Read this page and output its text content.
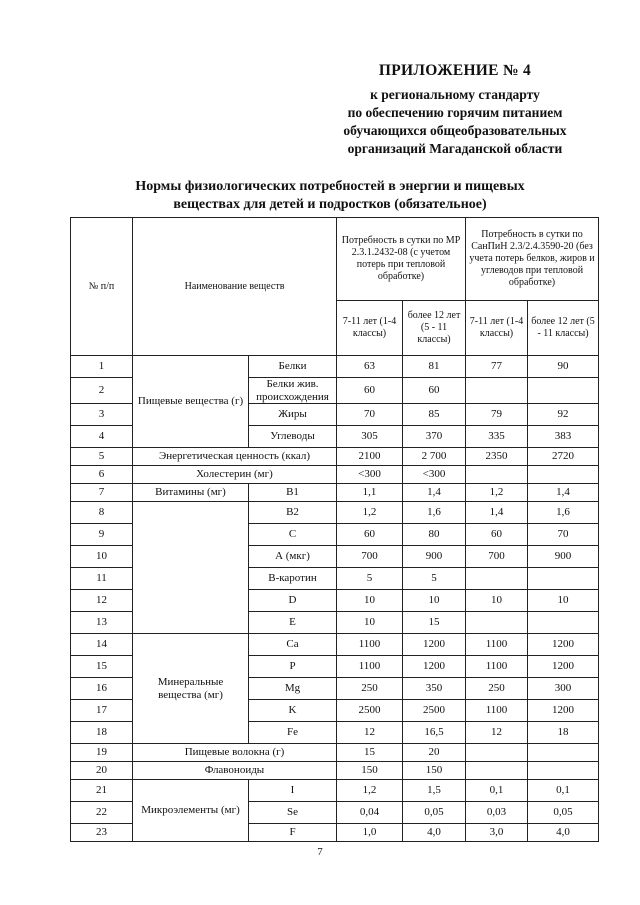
ПРИЛОЖЕНИЕ № 4
к региональному стандарту
по обеспечению горячим питанием
обучающихся общеобразовательных
организаций Магаданской области
Нормы физиологических потребностей в энергии и пищевых
веществах для детей и подростков (обязательное)
№ п/п	Наименование веществ		Потребность в сутки по МР 2.3.1.2432-08 (с учетом потерь при тепловой обработке)		Потребность в сутки по СанПиН 2.3/2.4.3590-20 (без учета потерь белков, жиров и углеводов при тепловой обработке)	
			7-11 лет (1-4 классы)	более 12 лет (5 - 11 классы)	7-11 лет (1-4 классы)	более 12 лет (5 - 11 классы)
1	Пищевые вещества (г)	Белки	63	81	77	90
2		Белки жив. происхождения	60	60		
3		Жиры	70	85	79	92
4		Углеводы	305	370	335	383
5	Энергетическая ценность (ккал)		2100	2 700	2350	2720
6	Холестерин (мг)		<300	<300		
7	Витамины (мг)	B1	1,1	1,4	1,2	1,4
8		B2	1,2	1,6	1,4	1,6
9		C	60	80	60	70
10		А (мкг)	700	900	700	900
11		B-каротин	5	5		
12		D	10	10	10	10
13		E	10	15		
14	Минеральные вещества (мг)	Ca	1100	1200	1100	1200
15		P	1100	1200	1100	1200
16		Mg	250	350	250	300
17		K	2500	2500	1100	1200
18		Fe	12	16,5	12	18
19	Пищевые волокна (г)		15	20		
20	Флавоноиды		150	150		
21	Микроэлементы (мг)	I	1,2	1,5	0,1	0,1
22		Se	0,04	0,05	0,03	0,05
23		F	1,0	4,0	3,0	4,0
7
